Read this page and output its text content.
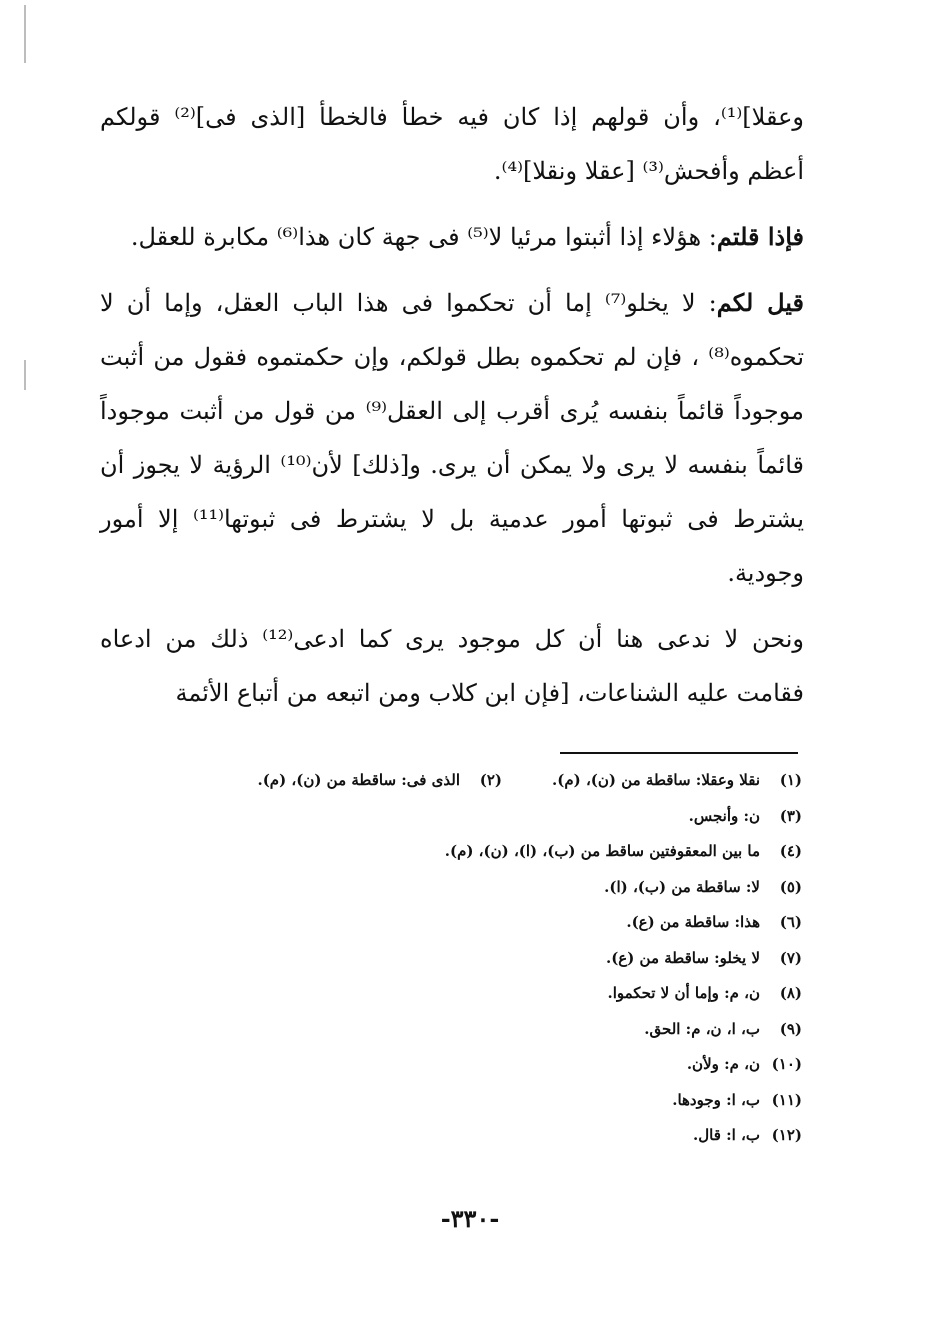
وعقلا]⁽¹⁾، وأن قولهم إذا كان فيه خطأ فالخطأ [الذى فى]⁽²⁾ قولكم أعظم وأفحش⁽³⁾ [عقلا ونقلا]⁽⁴⁾.

فإذا قلتم: هؤلاء إذا أثبتوا مرئيا لا⁽⁵⁾ فى جهة كان هذا⁽⁶⁾ مكابرة للعقل.

قيل لكم: لا يخلو⁽⁷⁾ إما أن تحكموا فى هذا الباب العقل، وإما أن لا تحكموه⁽⁸⁾ ، فإن لم تحكموه بطل قولكم، وإن حكمتموه فقول من أثبت موجوداً قائماً بنفسه يُرى أقرب إلى العقل⁽⁹⁾ من قول من أثبت موجوداً قائماً بنفسه لا يرى ولا يمكن أن يرى. و[ذلك] لأن⁽¹⁰⁾ الرؤية لا يجوز أن يشترط فى ثبوتها أمور عدمية بل لا يشترط فى ثبوتها⁽¹¹⁾ إلا أمور وجودية.

ونحن لا ندعى هنا أن كل موجود يرى كما ادعى⁽¹²⁾ ذلك من ادعاه فقامت عليه الشناعات، [فإن ابن كلاب ومن اتبعه من أتباع الأئمة

(١)نقلا وعقلا: ساقطة من (ن)، (م).(٢)الذى فى: ساقطة من (ن)، (م).
(٣)ن: وأنجس.
(٤)ما بين المعقوفتين ساقط من (ب)، (ا)، (ن)، (م).
(٥)لا: ساقطة من (ب)، (ا).
(٦)هذا: ساقطة من (ع).
(٧)لا يخلو: ساقطة من (ع).
(٨)ن، م: وإما أن لا تحكموا.
(٩)ب، ا، ن، م: الحق.
(١٠)ن، م: ولأن.
(١١)ب، ا: وجودها.
(١٢)ب، ا: قال.
-٣٣٠-
